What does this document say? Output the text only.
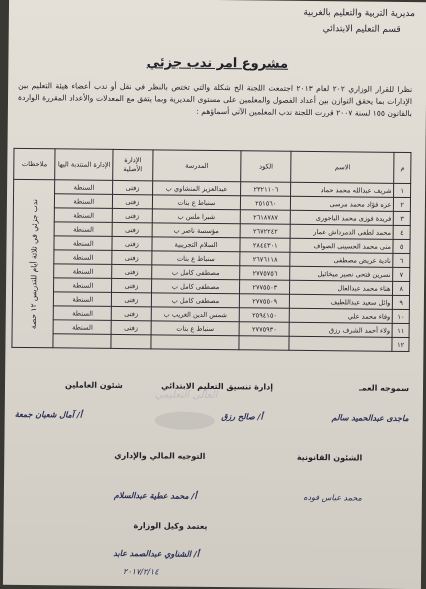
مديرية التربية والتعليم بالغربية
قسم التعليم الابتدائي
مشروع امر ندب جزئي
نظرا للقرار الوزاري ٢٠٢ لعام ٢٠١٣ اجتمعت اللجنة الخ شكلة والتي تختص بالنظر في نقل أو ندب أعضاء هيئة التعليم بين الإدارات بما يحقق التوازن بين أعداد الفصول والمعلمين على مستوى المديرية وبما يتفق مع المعدلات والأعداد المقررة الواردة بالقانون ١٥٥ لسنة ٢٠٠٧ قررت اللجنة ندب المعلمين الآتي أسماؤهم :
م	الاسم	الكود	المدرسة	الإدارة الأصلية	الإدارة المنتدبة اليها	ملاحظات
١	شريف عبدالله محمد حماد	٢٣٢١١٠٦	عبدالعزيز المنشاوي ب	زفتى	السنطة	ندب جزئي في ثلاثة أيام للتدريس ١٢ حصة
٢	عزه فؤاد محمد مرسى	٢٥١٥٦٠	سنباط ع بنات	زفتى	السنطة	
٣	فريدة فوزى محمد الباجورى	٢٦١٨٧٨٧	شبرا ملس ب	زفتى	السنطة	
٤	محمد لطفى الدمرداش عمار	٢٦٧٢٢٤٢	مؤسسة ناصر ب	زفتى	السنطة	
٥	منى محمد الحسينى الصواف	٢٨٤٤٣٠١	السلام التجريبية	زفتى	السنطة	
٦	نادية عريض مصطفى	٢٦٧٦١١٨	سنباط ع بنات	زفتى	السنطة	
٧	نسرين فتحى نصير ميخائيل	٢٧٧٥٧٥٦	مصطفى كامل ب	زفتى	السنطة	
٨	هناء محمد عبدالعال	٢٧٧٥٥٠٣	مصطفى كامل ب	زفتى	السنطة	
٩	وائل سعيد عبداللطيف	٢٧٧٥٥٠٩	مصطفى كامل ب	زفتى	السنطة	
١٠	وفاء محمد علي	٢٥٩٤١٥٠	شمس الدين الغريب ب	زفتى	السنطة	
١١	ولاء أحمد الشرف رزق	٢٧٧٥٩٣٠	سنباط ع بنات	زفتى	السنطة	
١٢						
الغالي التعليمي
سموجه العمـ
إدارة تنسيق التعليم الابتدائي
شئون العاملين
ماجدى عبدالحميد سالم
أ/ صالح رزق
أ/ آمال شعبان جمعة
الشئون القانونية
التوجيه المالي والإداري
محمد عباس فوده
أ/ محمد عطية عبدالسلام
يعتمد وكيل الوزارة
أ/ الشناوي عبدالصمد عابد
٢٠١٧/٢/١٤
